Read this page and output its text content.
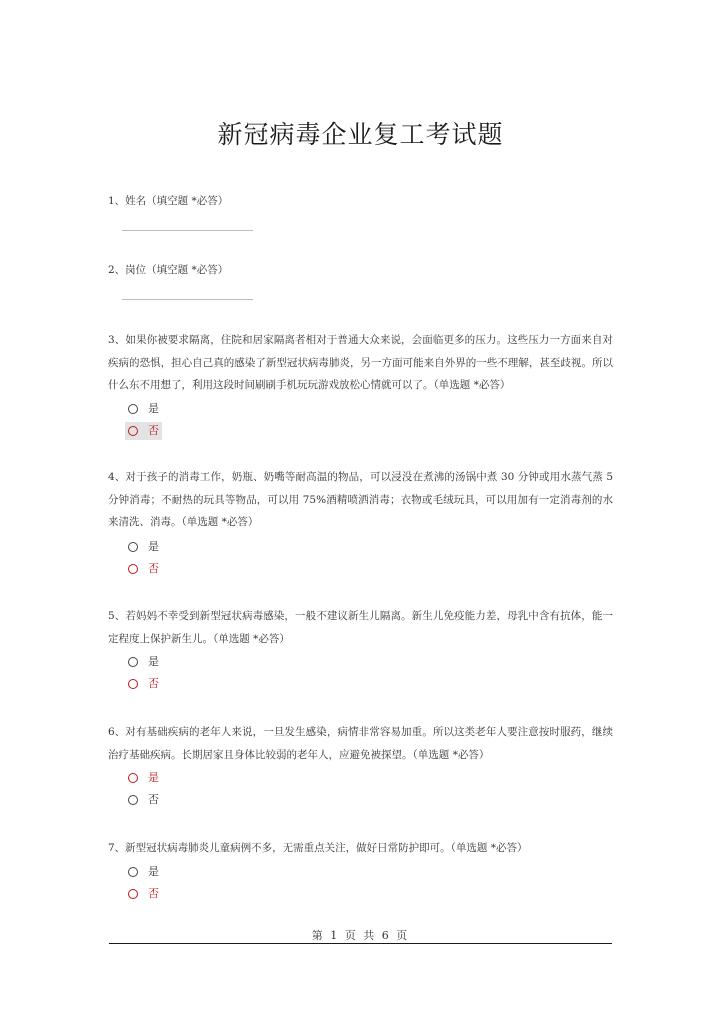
新冠病毒企业复工考试题
1、姓名（填空题 *必答）
2、岗位（填空题 *必答）
3、如果你被要求隔离，住院和居家隔离者相对于普通大众来说，会面临更多的压力。这些压力一方面来自对疾病的恐惧，担心自己真的感染了新型冠状病毒肺炎，另一方面可能来自外界的一些不理解，甚至歧视。所以什么东不用想了，利用这段时间刷刷手机玩玩游戏放松心情就可以了。（单选题 *必答）
是
否
4、对于孩子的消毒工作，奶瓶、奶嘴等耐高温的物品，可以浸没在煮沸的汤锅中煮 30 分钟或用水蒸气蒸 5 分钟消毒；不耐热的玩具等物品，可以用 75%酒精喷洒消毒；衣物或毛绒玩具，可以用加有一定消毒剂的水来清洗、消毒。（单选题 *必答）
是
否
5、若妈妈不幸受到新型冠状病毒感染，一般不建议新生儿隔离。新生儿免疫能力差，母乳中含有抗体，能一定程度上保护新生儿。（单选题 *必答）
是
否
6、对有基础疾病的老年人来说，一旦发生感染，病情非常容易加重。所以这类老年人要注意按时服药，继续治疗基础疾病。长期居家且身体比较弱的老年人，应避免被探望。（单选题 *必答）
是
否
7、新型冠状病毒肺炎儿童病例不多，无需重点关注，做好日常防护即可。（单选题 *必答）
是
否
第 1 页 共 6 页
